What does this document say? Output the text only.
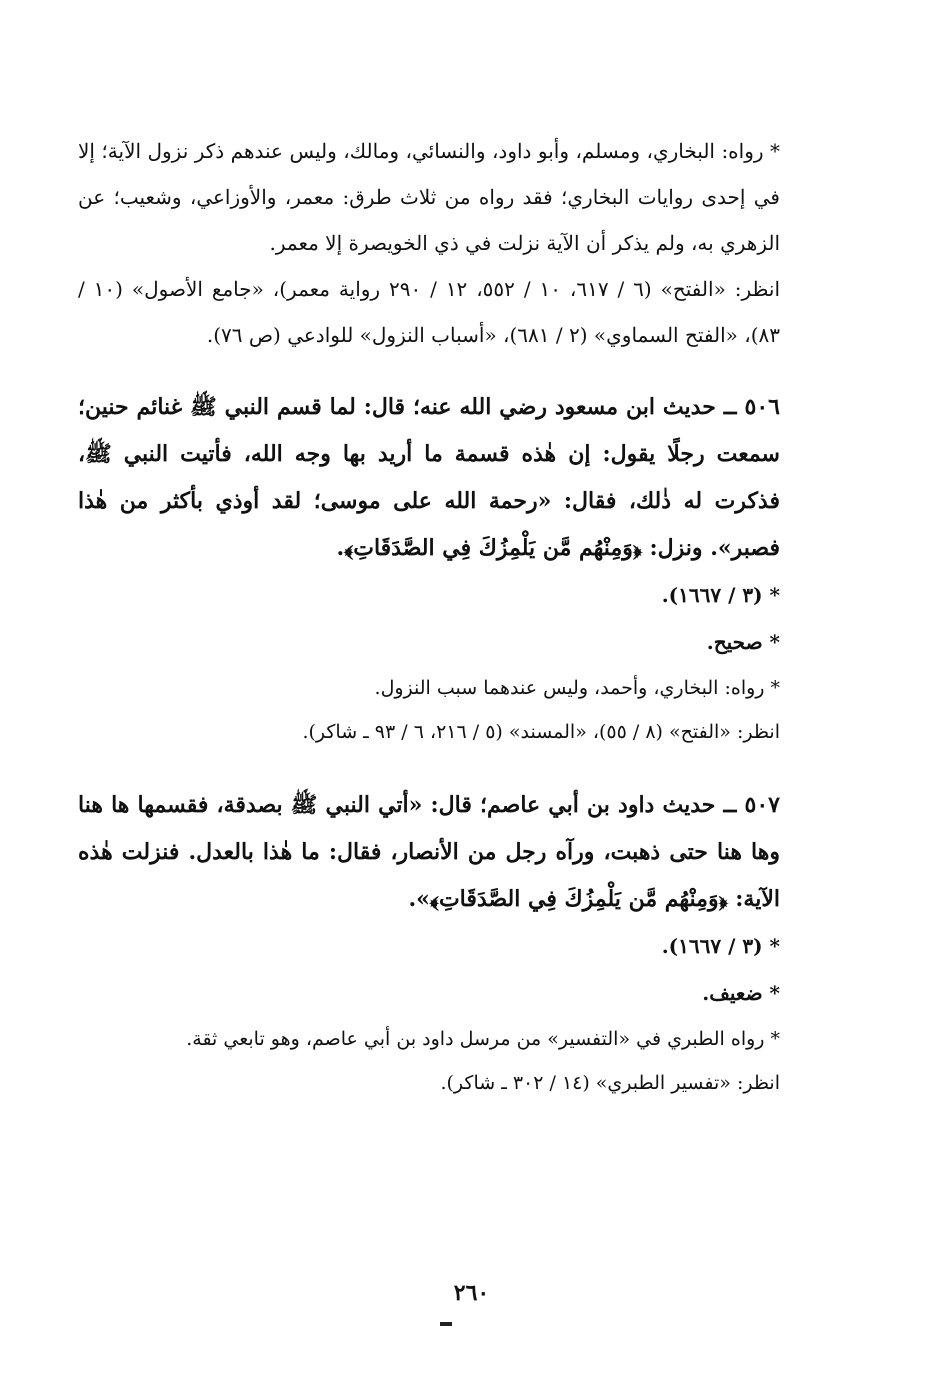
* رواه: البخاري، ومسلم، وأبو داود، والنسائي، ومالك، وليس عندهم ذكر نزول الآية؛ إلا في إحدى روايات البخاري؛ فقد رواه من ثلاث طرق: معمر، والأوزاعي، وشعيب؛ عن الزهري به، ولم يذكر أن الآية نزلت في ذي الخويصرة إلا معمر.

انظر: «الفتح» (٦ / ٦١٧، ١٠ / ٥٥٢، ١٢ / ٢٩٠ رواية معمر)، «جامع الأصول» (١٠ / ٨٣)، «الفتح السماوي» (٢ / ٦٨١)، «أسباب النزول» للوادعي (ص ٧٦).

٥٠٦ ــ حديث ابن مسعود رضي الله عنه؛ قال: لما قسم النبي ﷺ غنائم حنين؛ سمعت رجلًا يقول: إن هٰذه قسمة ما أريد بها وجه الله، فأتيت النبي ﷺ، فذكرت له ذٰلك، فقال: «رحمة الله على موسى؛ لقد أوذي بأكثر من هٰذا فصبر». ونزل: ﴿وَمِنْهُم مَّن يَلْمِزُكَ فِي الصَّدَقَاتِ﴾.

* (٣ / ١٦٦٧).

* صحيح.

* رواه: البخاري، وأحمد، وليس عندهما سبب النزول.

انظر: «الفتح» (٨ / ٥٥)، «المسند» (٥ / ٢١٦، ٦ / ٩٣ ـ شاكر).

٥٠٧ ــ حديث داود بن أبي عاصم؛ قال: «أتي النبي ﷺ بصدقة، فقسمها ها هنا وها هنا حتى ذهبت، ورآه رجل من الأنصار، فقال: ما هٰذا بالعدل. فنزلت هٰذه الآية: ﴿وَمِنْهُم مَّن يَلْمِزُكَ فِي الصَّدَقَاتِ﴾».

* (٣ / ١٦٦٧).

* ضعيف.

* رواه الطبري في «التفسير» من مرسل داود بن أبي عاصم، وهو تابعي ثقة.

انظر: «تفسير الطبري» (١٤ / ٣٠٢ ـ شاكر).

٢٦٠
